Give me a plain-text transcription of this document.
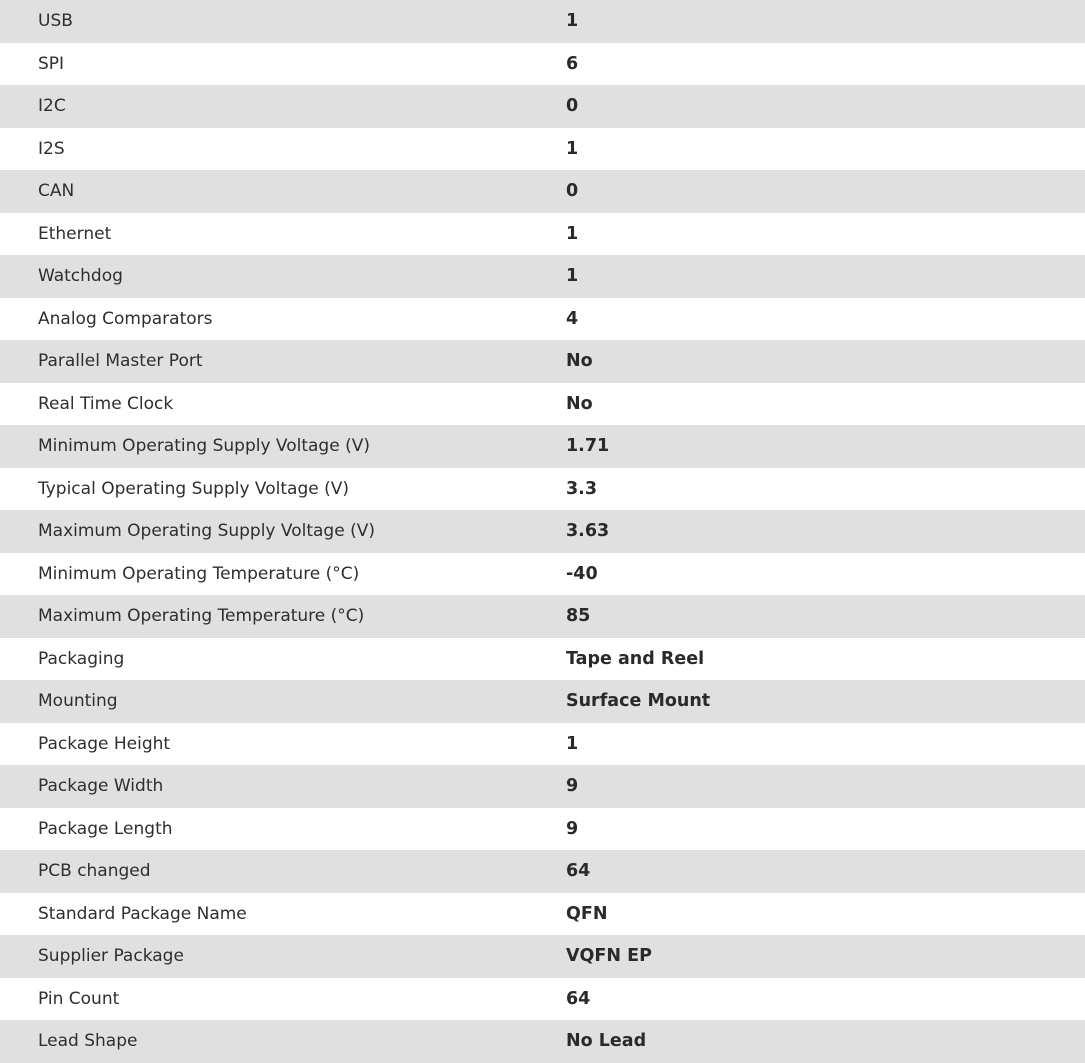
USB	1
SPI	6
I2C	0
I2S	1
CAN	0
Ethernet	1
Watchdog	1
Analog Comparators	4
Parallel Master Port	No
Real Time Clock	No
Minimum Operating Supply Voltage (V)	1.71
Typical Operating Supply Voltage (V)	3.3
Maximum Operating Supply Voltage (V)	3.63
Minimum Operating Temperature (°C)	-40
Maximum Operating Temperature (°C)	85
Packaging	Tape and Reel
Mounting	Surface Mount
Package Height	1
Package Width	9
Package Length	9
PCB changed	64
Standard Package Name	QFN
Supplier Package	VQFN EP
Pin Count	64
Lead Shape	No Lead
